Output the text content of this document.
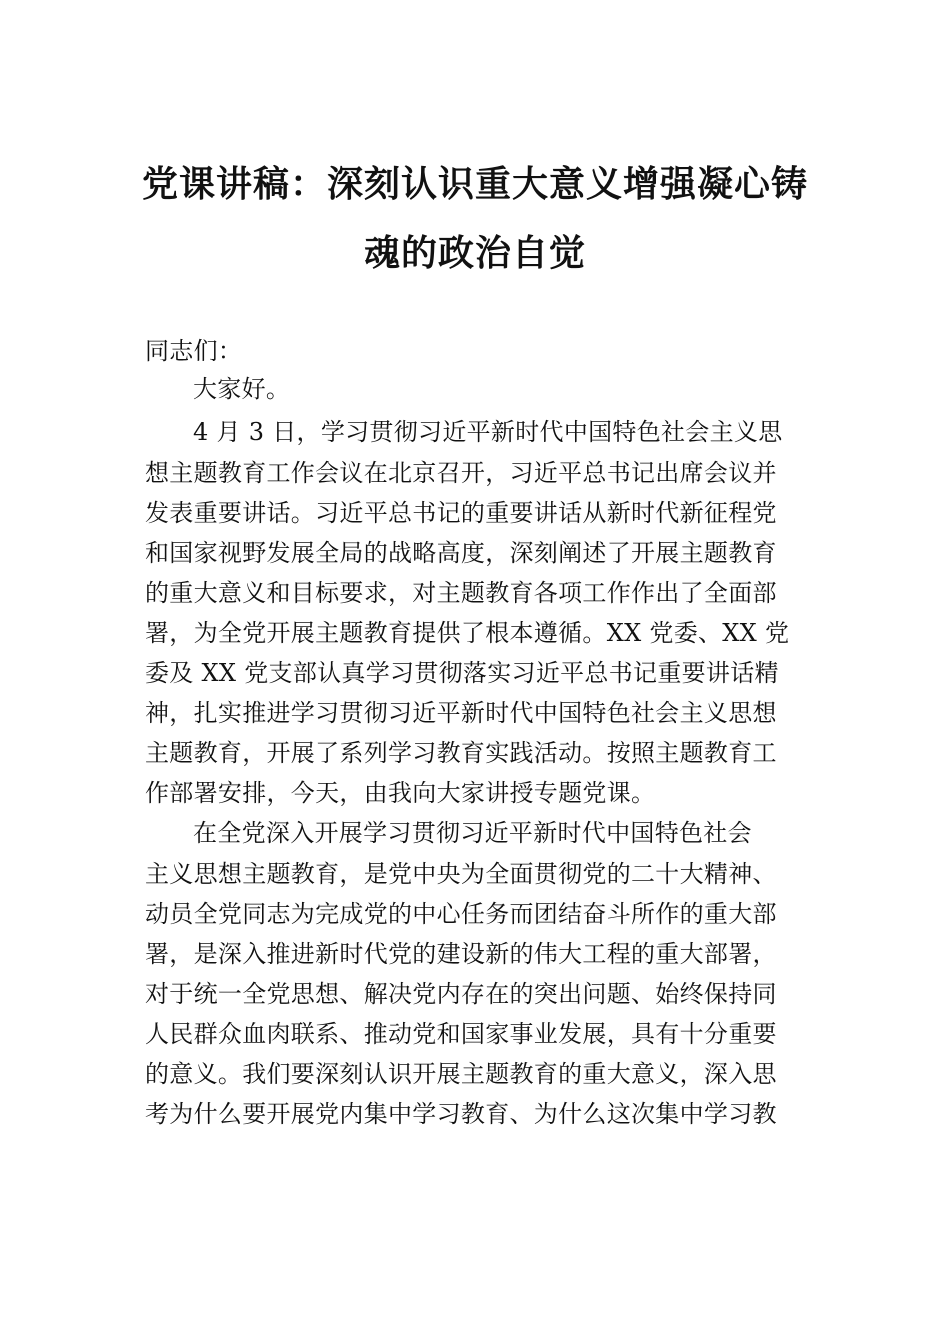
党课讲稿：深刻认识重大意义增强凝心铸
魂的政治自觉
同志们：
大家好。
4 月 3 日，学习贯彻习近平新时代中国特色社会主义思
想主题教育工作会议在北京召开，习近平总书记出席会议并
发表重要讲话。习近平总书记的重要讲话从新时代新征程党
和国家视野发展全局的战略高度，深刻阐述了开展主题教育
的重大意义和目标要求，对主题教育各项工作作出了全面部
署，为全党开展主题教育提供了根本遵循。XX 党委、XX 党
委及 XX 党支部认真学习贯彻落实习近平总书记重要讲话精
神，扎实推进学习贯彻习近平新时代中国特色社会主义思想
主题教育，开展了系列学习教育实践活动。按照主题教育工
作部署安排，今天，由我向大家讲授专题党课。
在全党深入开展学习贯彻习近平新时代中国特色社会
主义思想主题教育，是党中央为全面贯彻党的二十大精神、
动员全党同志为完成党的中心任务而团结奋斗所作的重大部
署，是深入推进新时代党的建设新的伟大工程的重大部署，
对于统一全党思想、解决党内存在的突出问题、始终保持同
人民群众血肉联系、推动党和国家事业发展，具有十分重要
的意义。我们要深刻认识开展主题教育的重大意义，深入思
考为什么要开展党内集中学习教育、为什么这次集中学习教
